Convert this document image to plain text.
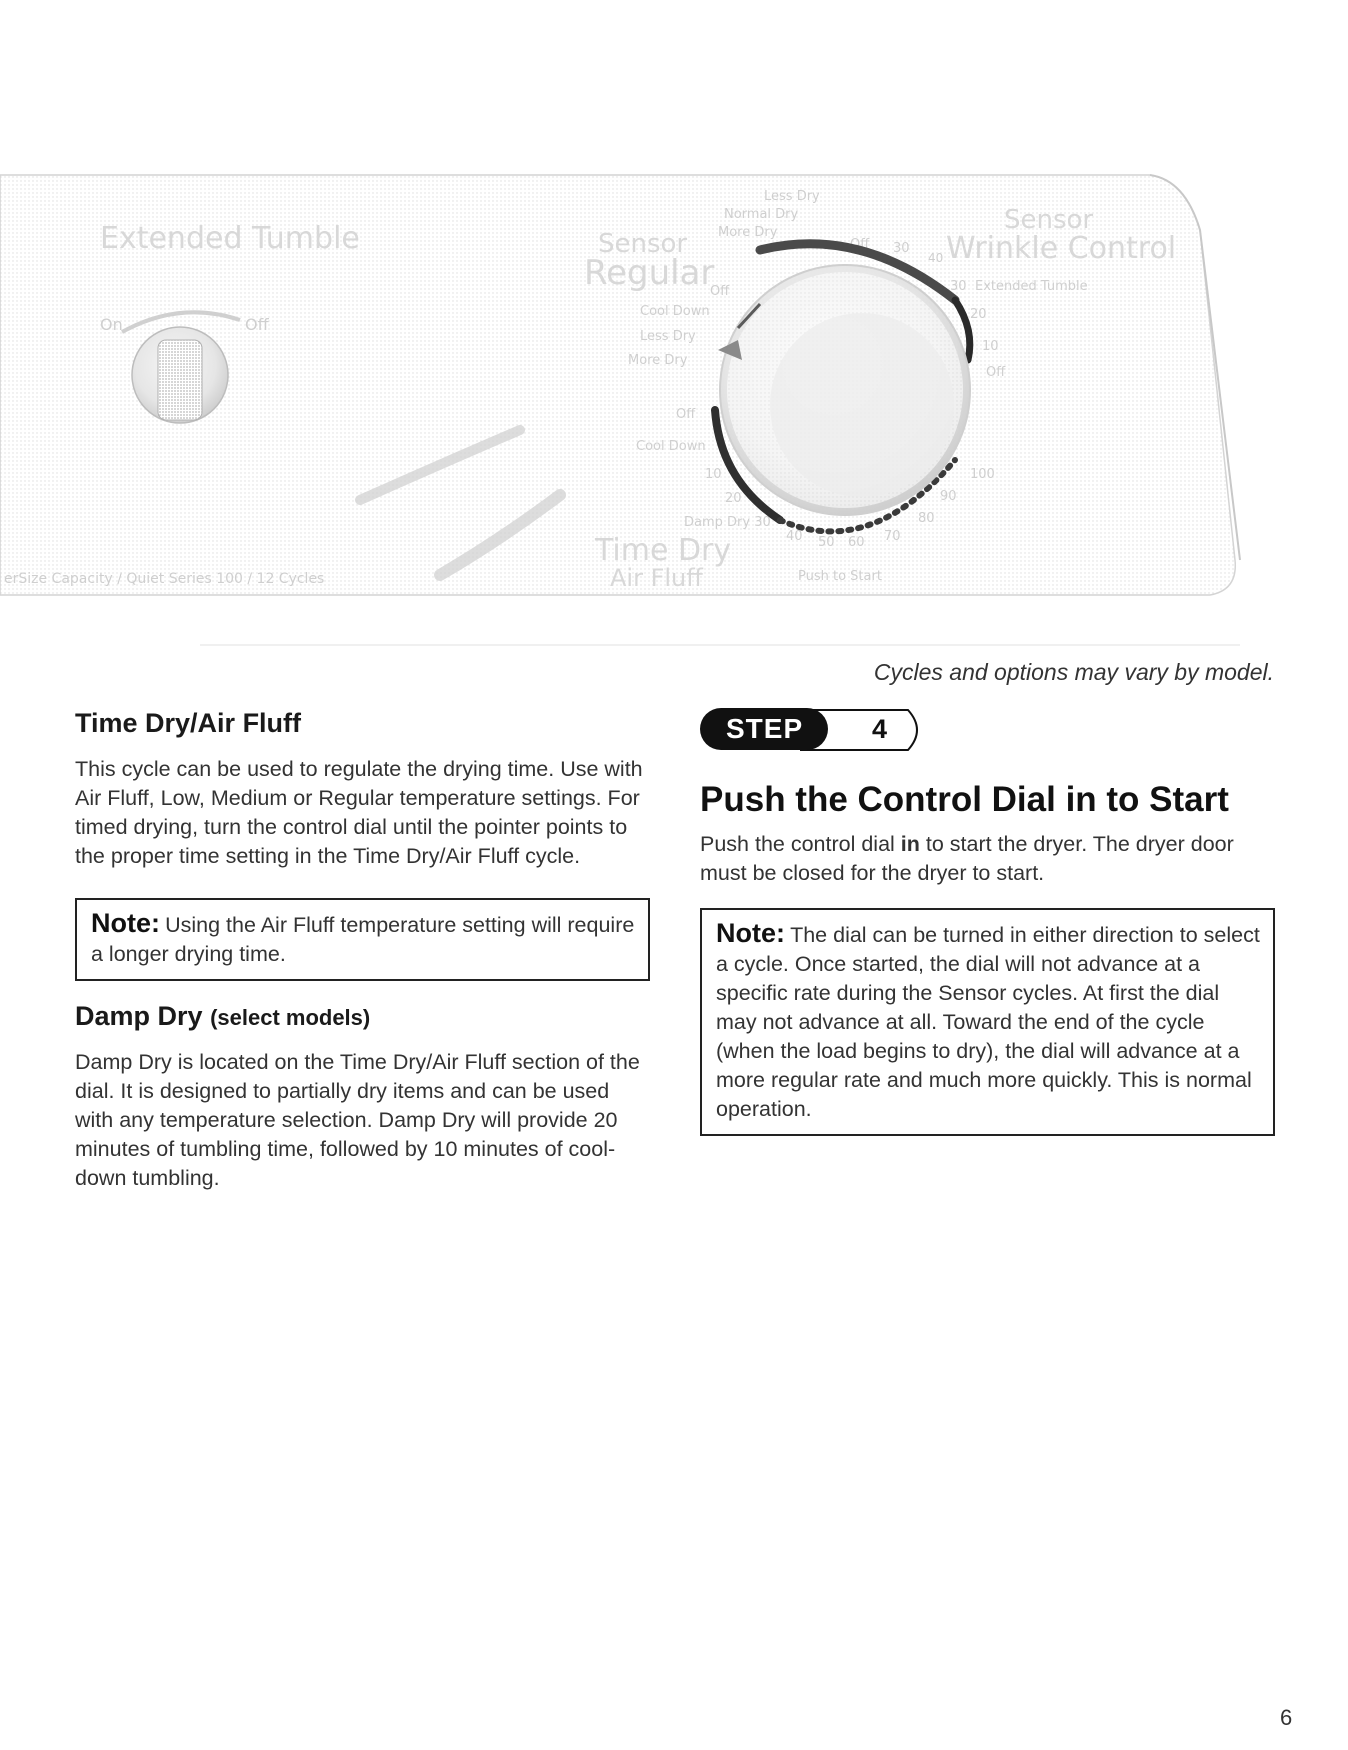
Extended Tumble
On	Off
Sensor
Regular
Sensor
Wrinkle Control
Less Dry
Normal Dry
More Dry
Off 30
40
Extended Tumble
30
20
10
Off
Off
Cool Down
Less Dry
More Dry
Off
Cool Down
10
20
Damp Dry 30
40 50 60 70
80
90
100
Time Dry
Air Fluff	Push to Start
erSize Capacity / Quiet Series 100 / 12 Cycles
Cycles and options may vary by model.
Time Dry/Air Fluff

This cycle can be used to regulate the drying time. Use with Air Fluff, Low, Medium or Regular temperature settings. For timed drying, turn the control dial until the pointer points to the proper time setting in the Time Dry/Air Fluff cycle.

Note: Using the Air Fluff temperature setting will require a longer drying time.
Damp Dry (select models)

Damp Dry is located on the Time Dry/Air Fluff section of the dial. It is designed to partially dry items and can be used with any temperature selection. Damp Dry will provide 20 minutes of tumbling time, followed by 10 minutes of cool-down tumbling.

STEP	4
Push the Control Dial in to Start

Push the control dial in to start the dryer. The dryer door must be closed for the dryer to start.

Note: The dial can be turned in either direction to select a cycle. Once started, the dial will not advance at a specific rate during the Sensor cycles. At first the dial may not advance at all. Toward the end of the cycle (when the load begins to dry), the dial will advance at a more regular rate and much more quickly. This is normal operation.
6
